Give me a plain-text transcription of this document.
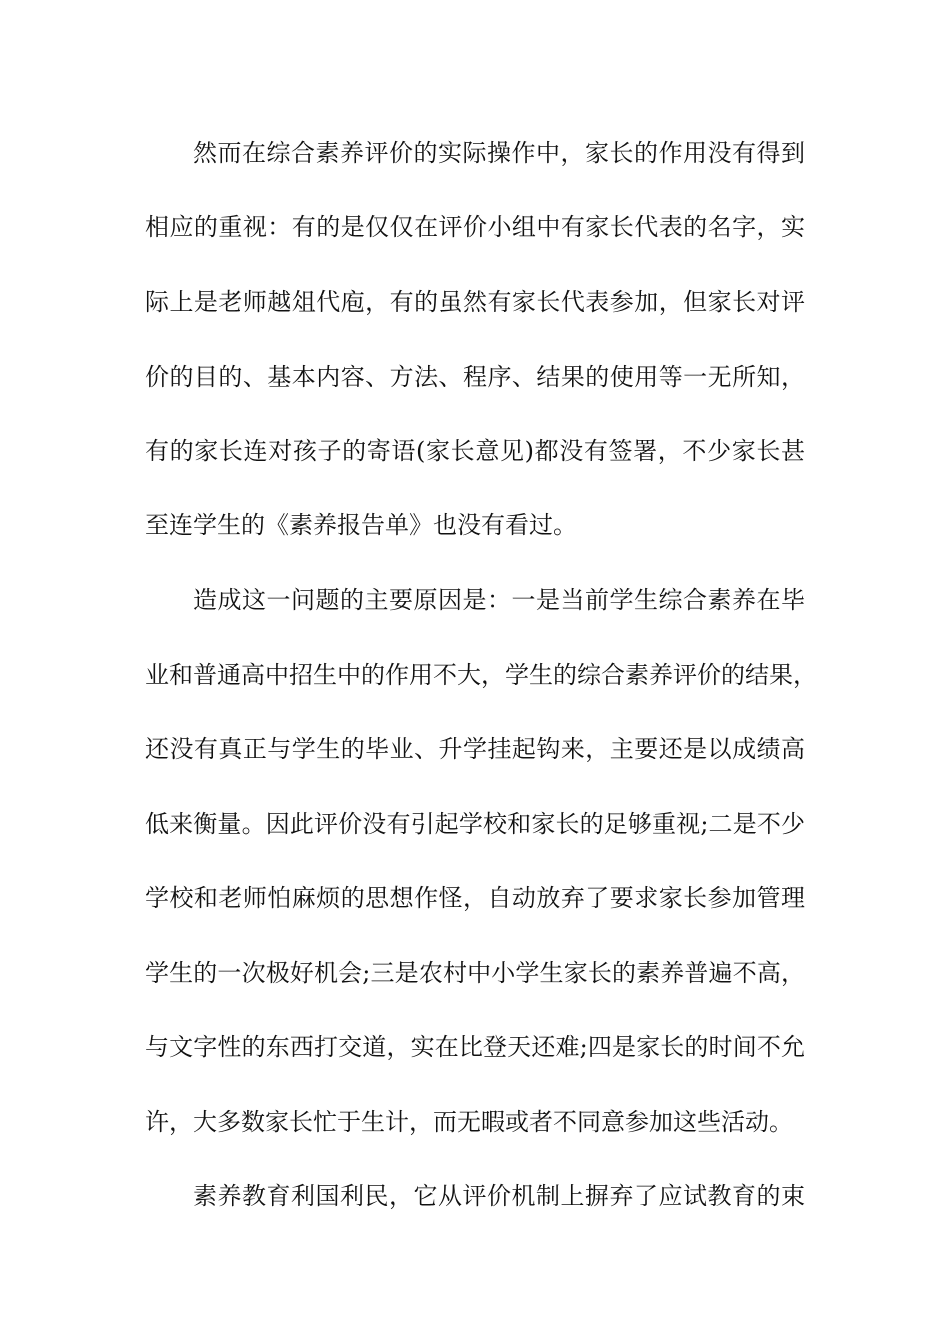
然而在综合素养评价的实际操作中，家长的作用没有得到
相应的重视：有的是仅仅在评价小组中有家长代表的名字，实
际上是老师越俎代庖，有的虽然有家长代表参加，但家长对评
价的目的、基本内容、方法、程序、结果的使用等一无所知，
有的家长连对孩子的寄语(家长意见)都没有签署，不少家长甚
至连学生的《素养报告单》也没有看过。
造成这一问题的主要原因是：一是当前学生综合素养在毕
业和普通高中招生中的作用不大，学生的综合素养评价的结果，
还没有真正与学生的毕业、升学挂起钩来，主要还是以成绩高
低来衡量。因此评价没有引起学校和家长的足够重视;二是不少
学校和老师怕麻烦的思想作怪，自动放弃了要求家长参加管理
学生的一次极好机会;三是农村中小学生家长的素养普遍不高，
与文字性的东西打交道，实在比登天还难;四是家长的时间不允
许，大多数家长忙于生计，而无暇或者不同意参加这些活动。
素养教育利国利民，它从评价机制上摒弃了应试教育的束
